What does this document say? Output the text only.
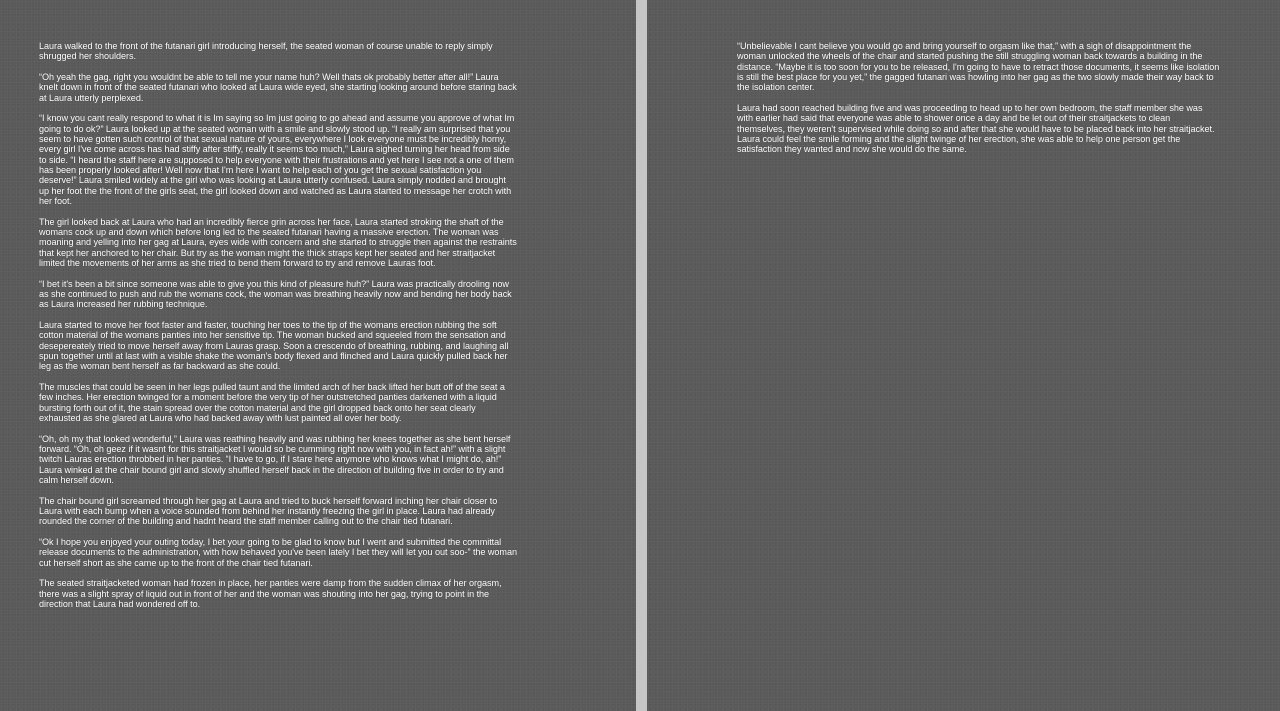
Laura walked to the front of the futanari girl introducing herself, the seated woman of course unable to reply simply shrugged her shoulders.

“Oh yeah the gag, right you wouldnt be able to tell me your name huh? Well thats ok probably better after all!” Laura knelt down in front of the seated futanari who looked at Laura wide eyed, she starting looking around before staring back at Laura utterly perplexed.

“I know you cant really respond to what it is Im saying so Im just going to go ahead and assume you approve of what Im going to do ok?” Laura looked up at the seated woman with a smile and slowly stood up. “I really am surprised that you seem to have gotten such control of that sexual nature of yours, everywhere I look everyone must be incredibly horny, every girl I've come across has had stiffy after stiffy, really it seems too much,” Laura sighed turning her head from side to side. “I heard the staff here are supposed to help everyone with their frustrations and yet here I see not a one of them has been properly looked after! Well now that I'm here I want to help each of you get the sexual satisfaction you deserve!” Laura smiled widely at the girl who was looking at Laura utterly confused. Laura simply nodded and brought up her foot the the front of the girls seat, the girl looked down and watched as Laura started to message her crotch with her foot.

The girl looked back at Laura who had an incredibly fierce grin across her face, Laura started stroking the shaft of the womans cock up and down which before long led to the seated futanari having a massive erection. The woman was moaning and yelling into her gag at Laura, eyes wide with concern and she started to struggle then against the restraints that kept her anchored to her chair. But try as the woman might the thick straps kept her seated and her straitjacket limited the movements of her arms as she tried to bend them forward to try and remove Lauras foot.

“I bet it's been a bit since someone was able to give you this kind of pleasure huh?” Laura was practically drooling now as she continued to push and rub the womans cock, the woman was breathing heavily now and bending her body back as Laura increased her rubbing technique.

Laura started to move her foot faster and faster, touching her toes to the tip of the womans erection rubbing the soft cotton material of the womans panties into her sensitive tip. The woman bucked and squeeled from the sensation and desepereately tried to move herself away from Lauras grasp. Soon a crescendo of breathing, rubbing, and laughing all spun together until at last with a visible shake the woman's body flexed and flinched and Laura quickly pulled back her leg as the woman bent herself as far backward as she could.

The muscles that could be seen in her legs pulled taunt and the limited arch of her back lifted her butt off of the seat a few inches. Her erection twinged for a moment before the very tip of her outstretched panties darkened with a liquid bursting forth out of it, the stain spread over the cotton material and the girl dropped back onto her seat clearly exhausted as she glared at Laura who had backed away with lust painted all over her body.

“Oh, oh my that looked wonderful,” Laura was reathing heavily and was rubbing her knees together as she bent herself forward. “Oh, oh geez if it wasnt for this straitjacket I would so be cumming right now with you, in fact ah!” with a slight twitch Lauras erection throbbed in her panties. “I have to go, if I stare here anymore who knows what I might do, ah!” Laura winked at the chair bound girl and slowly shuffled herself back in the direction of building five in order to try and calm herself down.

The chair bound girl screamed through her gag at Laura and tried to buck herself forward inching her chair closer to Laura with each bump when a voice sounded from behind her instantly freezing the girl in place. Laura had already rounded the corner of the building and hadnt heard the staff member calling out to the chair tied futanari.

“Ok I hope you enjoyed your outing today, I bet your going to be glad to know but I went and submitted the committal release documents to the administration, with how behaved you've been lately I bet they will let you out soo-” the woman cut herself short as she came up to the front of the chair tied futanari.

The seated straitjacketed woman had frozen in place, her panties were damp from the sudden climax of her orgasm, there was a slight spray of liquid out in front of her and the woman was shouting into her gag, trying to point in the direction that Laura had wondered off to.

“Unbelievable I cant believe you would go and bring yourself to orgasm like that,” with a sigh of disappointment the woman unlocked the wheels of the chair and started pushing the still struggling woman back towards a building in the distance. “Maybe it is too soon for you to be released, I'm going to have to retract those documents, it seems like isolation is still the best place for you yet,” the gagged futanari was howling into her gag as the two slowly made their way back to the isolation center.

Laura had soon reached building five and was proceeding to head up to her own bedroom, the staff member she was with earlier had said that everyone was able to shower once a day and be let out of their straitjackets to clean themselves, they weren't supervised while doing so and after that she would have to be placed back into her straitjacket. Laura could feel the smile forming and the slight twinge of her erection, she was able to help one person get the satisfaction they wanted and now she would do the same.
